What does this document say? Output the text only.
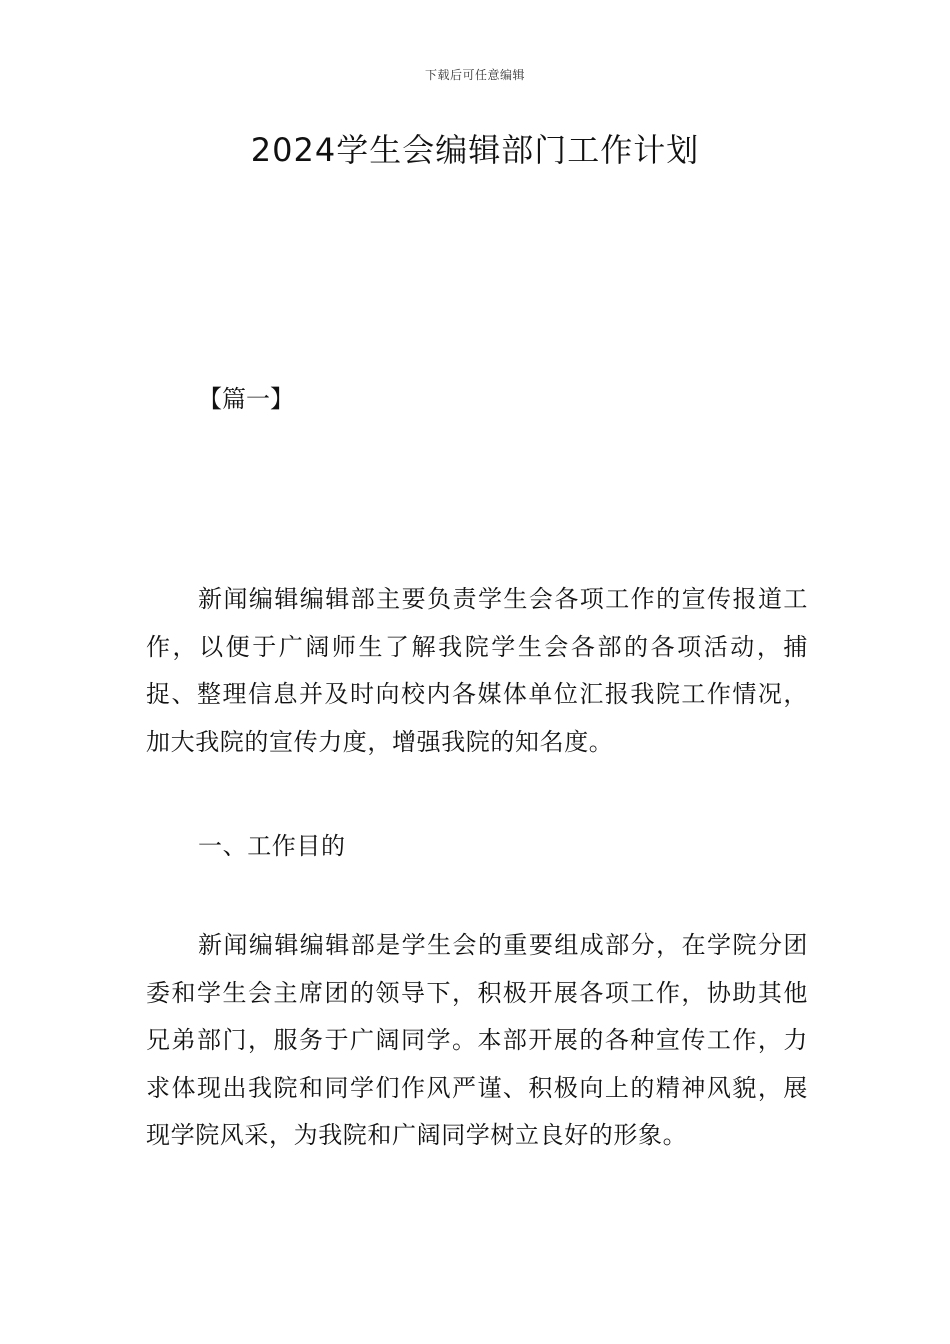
下载后可任意编辑
2024学生会编辑部门工作计划
【篇一】

新闻编辑编辑部主要负责学生会各项工作的宣传报道工作，以便于广阔师生了解我院学生会各部的各项活动，捕捉、整理信息并及时向校内各媒体单位汇报我院工作情况，加大我院的宣传力度，增强我院的知名度。

一、工作目的

新闻编辑编辑部是学生会的重要组成部分，在学院分团委和学生会主席团的领导下，积极开展各项工作，协助其他兄弟部门，服务于广阔同学。本部开展的各种宣传工作，力求体现出我院和同学们作风严谨、积极向上的精神风貌，展现学院风采，为我院和广阔同学树立良好的形象。
